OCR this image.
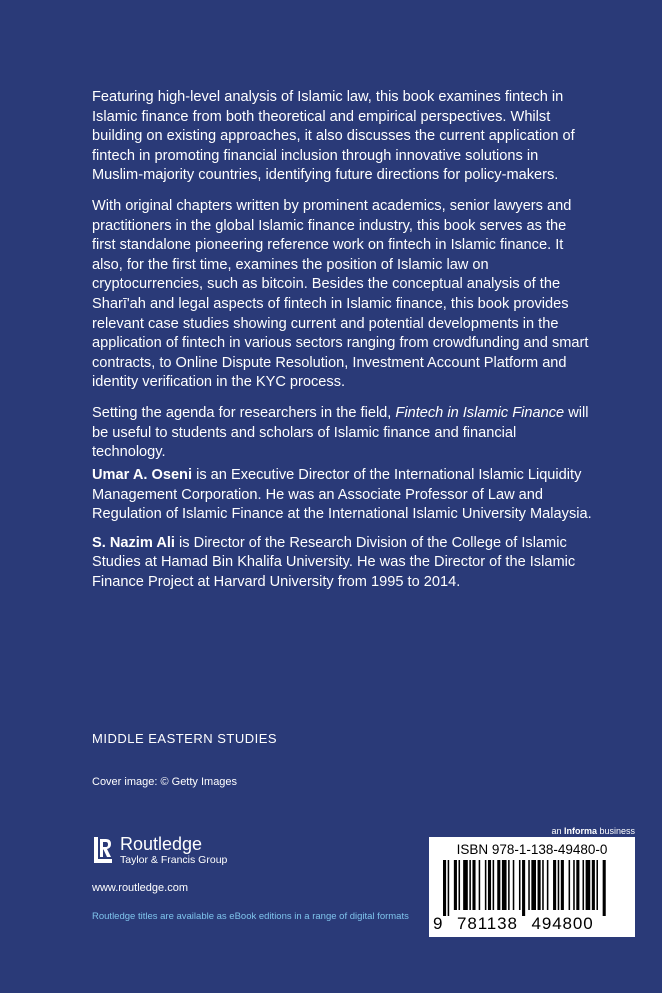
Featuring high-level analysis of Islamic law, this book examines fintech in Islamic finance from both theoretical and empirical perspectives. Whilst building on existing approaches, it also discusses the current application of fintech in promoting financial inclusion through innovative solutions in Muslim-majority countries, identifying future directions for policy-makers.

With original chapters written by prominent academics, senior lawyers and practitioners in the global Islamic finance industry, this book serves as the first standalone pioneering reference work on fintech in Islamic finance. It also, for the first time, examines the position of Islamic law on cryptocurrencies, such as bitcoin. Besides the conceptual analysis of the Sharī'ah and legal aspects of fintech in Islamic finance, this book provides relevant case studies showing current and potential developments in the application of fintech in various sectors ranging from crowdfunding and smart contracts, to Online Dispute Resolution, Investment Account Platform and identity verification in the KYC process.

Setting the agenda for researchers in the field, Fintech in Islamic Finance will be useful to students and scholars of Islamic finance and financial technology.

Umar A. Oseni is an Executive Director of the International Islamic Liquidity Management Corporation. He was an Associate Professor of Law and Regulation of Islamic Finance at the International Islamic University Malaysia.

S. Nazim Ali is Director of the Research Division of the College of Islamic Studies at Hamad Bin Khalifa University. He was the Director of the Islamic Finance Project at Harvard University from 1995 to 2014.

MIDDLE EASTERN STUDIES
Cover image: © Getty Images
Routledge
Taylor & Francis Group
www.routledge.com
Routledge titles are available as eBook editions in a range of digital formats
an Informa business
ISBN 978-1-138-49480-0
9 781138 494800
